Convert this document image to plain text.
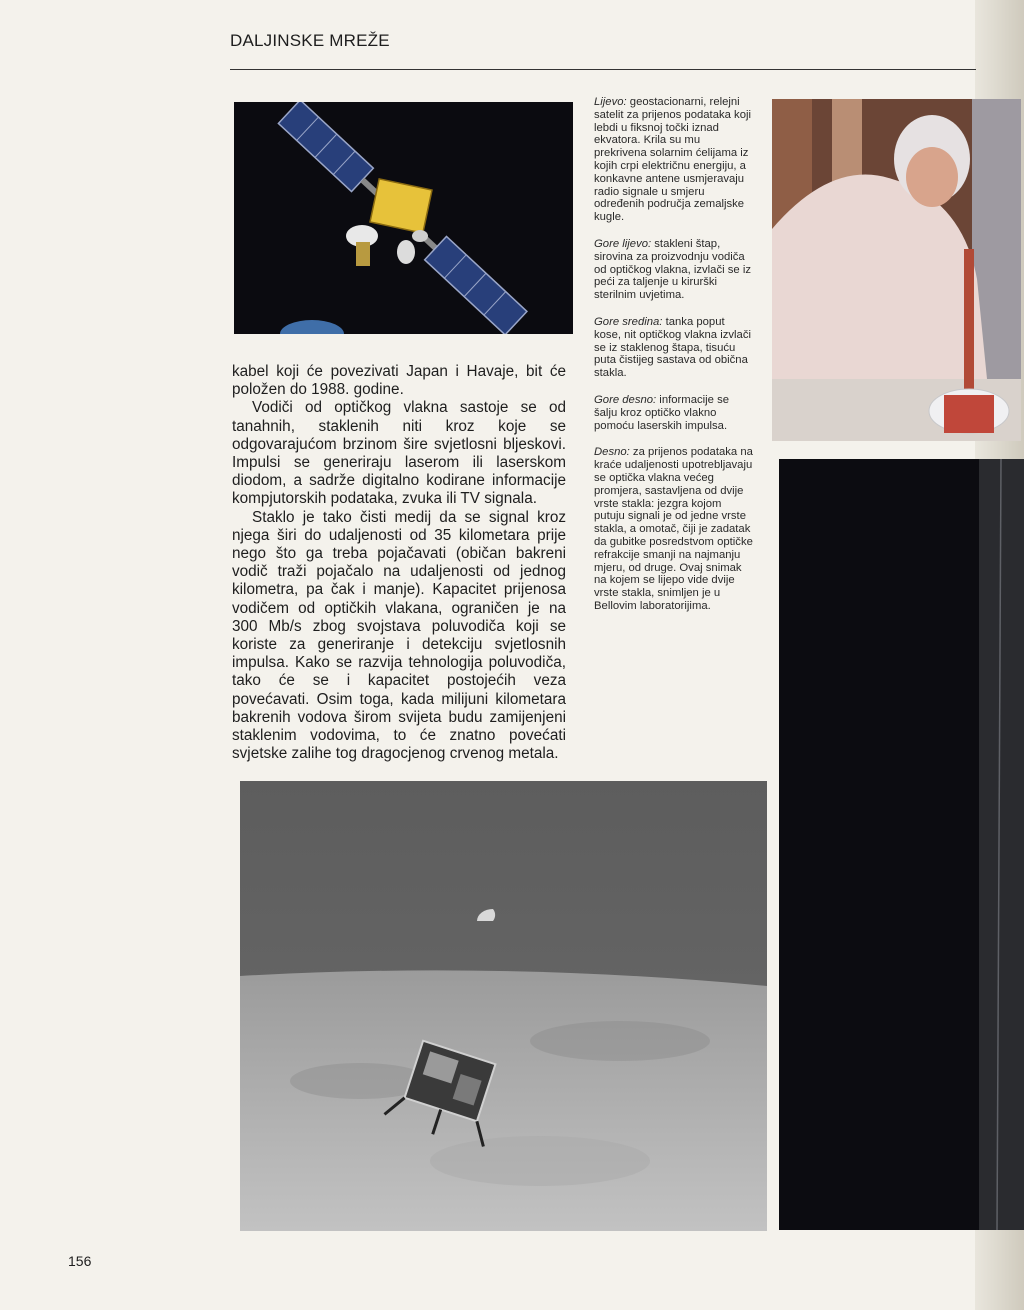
DALJINSKE MREŽE

kabel koji će povezivati Japan i Havaje, bit će položen do 1988. godine.

Vodiči od optičkog vlakna sastoje se od tanahnih, staklenih niti kroz koje se odgovarajućom brzinom šire svjetlosni bljeskovi. Impulsi se generiraju laserom ili laserskom diodom, a sadrže digitalno kodirane informacije kompjutorskih podataka, zvuka ili TV signala.

Staklo je tako čisti medij da se signal kroz njega širi do udaljenosti od 35 kilometara prije nego što ga treba pojačavati (običan bakreni vodič traži pojačalo na udaljenosti od jednog kilometra, pa čak i manje). Kapacitet prijenosa vodičem od optičkih vlakana, ograničen je na 300 Mb/s zbog svojstava poluvodiča koji se koriste za generiranje i detekciju svjetlosnih impulsa. Kako se razvija tehnologija poluvodiča, tako će se i kapacitet postojećih veza povećavati. Osim toga, kada milijuni kilometara bakrenih vodova širom svijeta budu zamijenjeni staklenim vodovima, to će znatno povećati svjetske zalihe tog dragocjenog crvenog metala.

Lijevo: geostacionarni, relejni satelit za prijenos podataka koji lebdi u fiksnoj točki iznad ekvatora. Krila su mu prekrivena solarnim ćelijama iz kojih crpi električnu energiju, a konkavne antene usmjeravaju radio signale u smjeru određenih područja zemaljske kugle.

Gore lijevo: stakleni štap, sirovina za proizvodnju vodiča od optičkog vlakna, izvlači se iz peći za taljenje u kirurški sterilnim uvjetima.

Gore sredina: tanka poput kose, nit optičkog vlakna izvlači se iz staklenog štapa, tisuću puta čistijeg sastava od obična stakla.

Gore desno: informacije se šalju kroz optičko vlakno pomoću laserskih impulsa.

Desno: za prijenos podataka na kraće udaljenosti upotrebljavaju se optička vlakna većeg promjera, sastavljena od dvije vrste stakla: jezgra kojom putuju signali je od jedne vrste stakla, a omotač, čiji je zadatak da gubitke posredstvom optičke refrakcije smanji na najmanju mjeru, od druge. Ovaj snimak na kojem se lijepo vide dvije vrste stakla, snimljen je u Bellovim laboratorijima.

156
